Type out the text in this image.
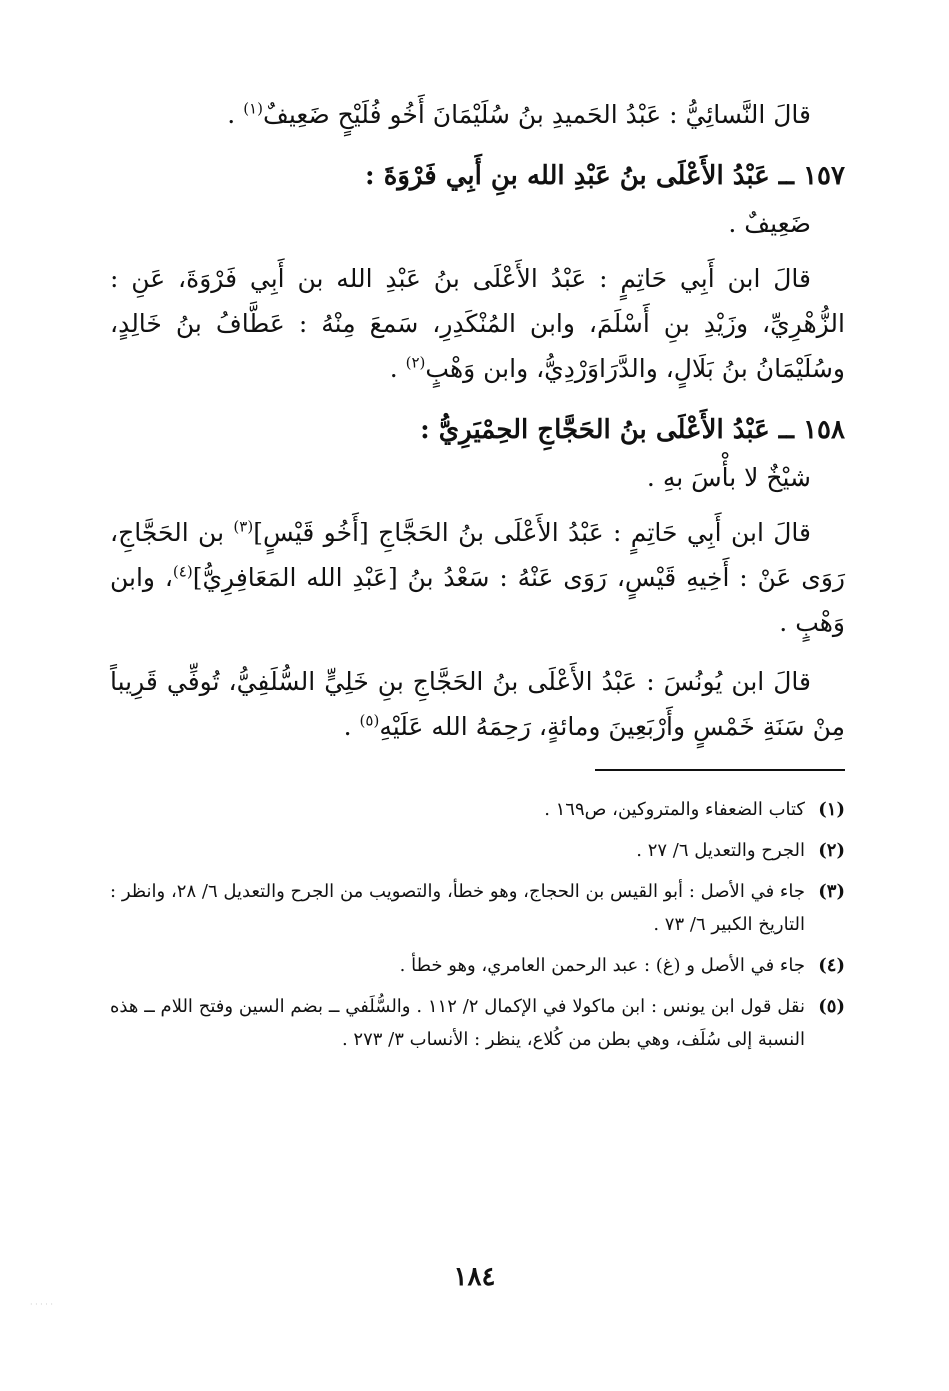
قالَ النَّسائِيُّ : عَبْدُ الحَميدِ بنُ سُلَيْمَانَ أَخُو فُلَيْحٍ ضَعِيفٌ$^{(١)}$ .

١٥٧ ــ عَبْدُ الأَعْلَى بنُ عَبْدِ الله بنِ أَبِي فَرْوَةَ :

ضَعِيفٌ .

قالَ ابن أَبِي حَاتِمٍ : عَبْدُ الأَعْلَى بنُ عَبْدِ الله بن أَبِي فَرْوَةَ، عَنِ : الزُّهْرِيِّ، وزَيْدِ بنِ أَسْلَمَ، وابن المُنْكَدِرِ، سَمعَ مِنْهُ : عَطَّافُ بنُ خَالِدٍ، وسُلَيْمَانُ بنُ بَلَالٍ، والدَّرَاوَرْدِيُّ، وابن وَهْبٍ$^{(٢)}$ .

١٥٨ ــ عَبْدُ الأَعْلَى بنُ الحَجَّاجِ الحِمْيَرِيُّ :

شيْخٌ لا بأْسَ بهِ .

قالَ ابن أَبِي حَاتِمٍ : عَبْدُ الأَعْلَى بنُ الحَجَّاجِ [أَخُو قَيْسٍ]$^{(٣)}$ بن الحَجَّاجِ، رَوَى عَنْ : أَخِيهِ قَيْسٍ، رَوَى عَنْهُ : سَعْدُ بنُ [عَبْدِ الله المَعَافِرِيُّ]$^{(٤)}$، وابن وَهْبٍ .

قالَ ابن يُونُسَ : عَبْدُ الأَعْلَى بنُ الحَجَّاجِ بنِ خَلِيٍّ السُّلَفِيُّ، تُوفِّي قَرِيباً مِنْ سَنَةِ خَمْسٍ وأَرْبَعِينَ ومائةٍ، رَحِمَهُ الله عَلَيْهِ$^{(٥)}$ .

(١)
كتاب الضعفاء والمتروكين، ص١٦٩ .
(٢)
الجرح والتعديل ٦/ ٢٧ .
(٣)
جاء في الأصل : أبو القيس بن الحجاج، وهو خطأ، والتصويب من الجرح والتعديل ٦/ ٢٨، وانظر : التاريخ الكبير ٦/ ٧٣ .
(٤)
جاء في الأصل و (غ) : عبد الرحمن العامري، وهو خطأ .
(٥)
نقل قول ابن يونس : ابن ماكولا في الإكمال ٢/ ١١٢ . والسُّلَفي ــ بضم السين وفتح اللام ــ هذه النسبة إلى سُلَف، وهي بطن من كُلاع، ينظر : الأنساب ٣/ ٢٧٣ .
١٨٤
· · · · ·
